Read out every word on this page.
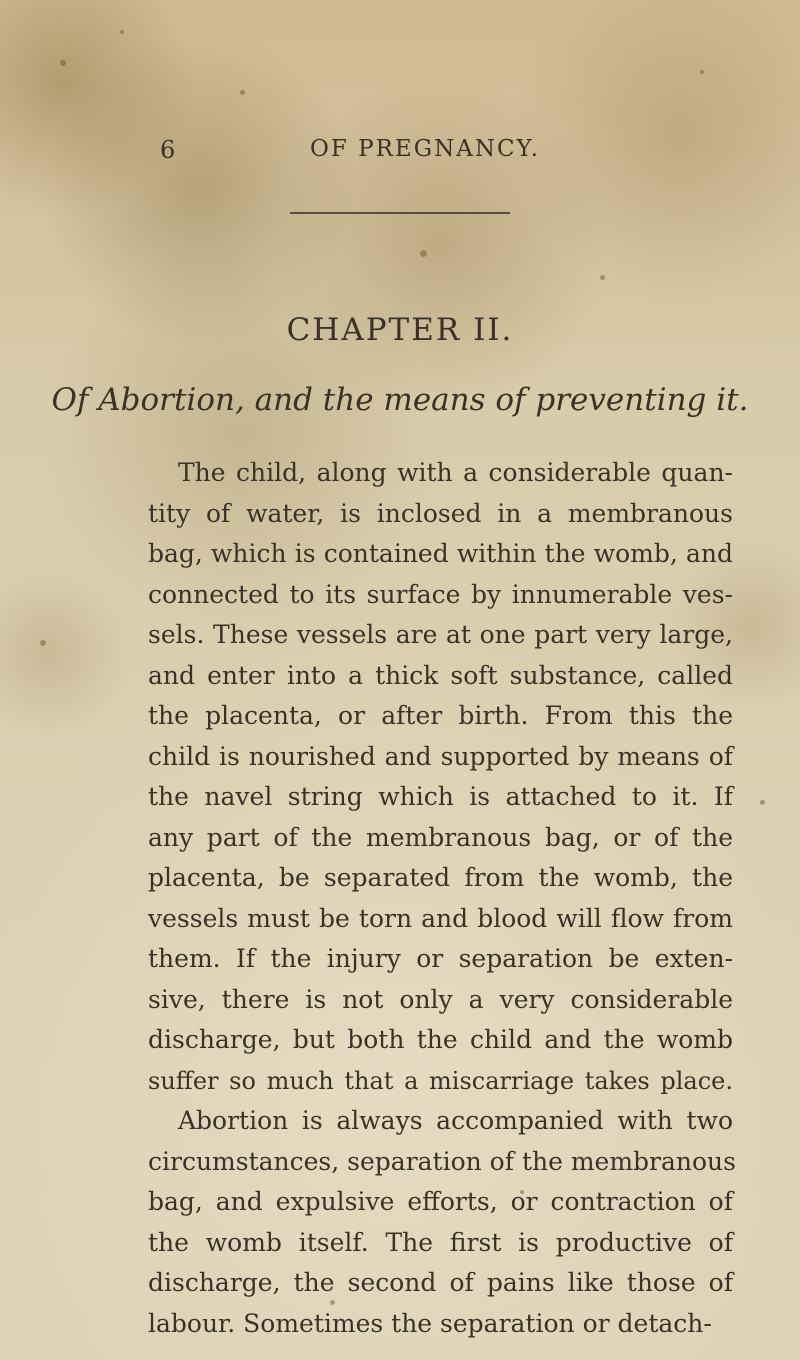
6	OF PREGNANCY.
CHAPTER II.
Of Abortion, and the means of preventing it.
The child, along with a considerable quan-
tity of water, is inclosed in a membranous
bag, which is contained within the womb, and
connected to its surface by innumerable ves-
sels. These vessels are at one part very large,
and enter into a thick soft substance, called
the placenta, or after birth. From this the
child is nourished and supported by means of
the navel string which is attached to it. If
any part of the membranous bag, or of the
placenta, be separated from the womb, the
vessels must be torn and blood will flow from
them. If the injury or separation be exten-
sive, there is not only a very considerable
discharge, but both the child and the womb
suffer so much that a miscarriage takes place.
Abortion is always accompanied with two
circumstances, separation of the membranous
bag, and expulsive efforts, or contraction of
the womb itself. The first is productive of
discharge, the second of pains like those of
labour. Sometimes the separation or detach-
